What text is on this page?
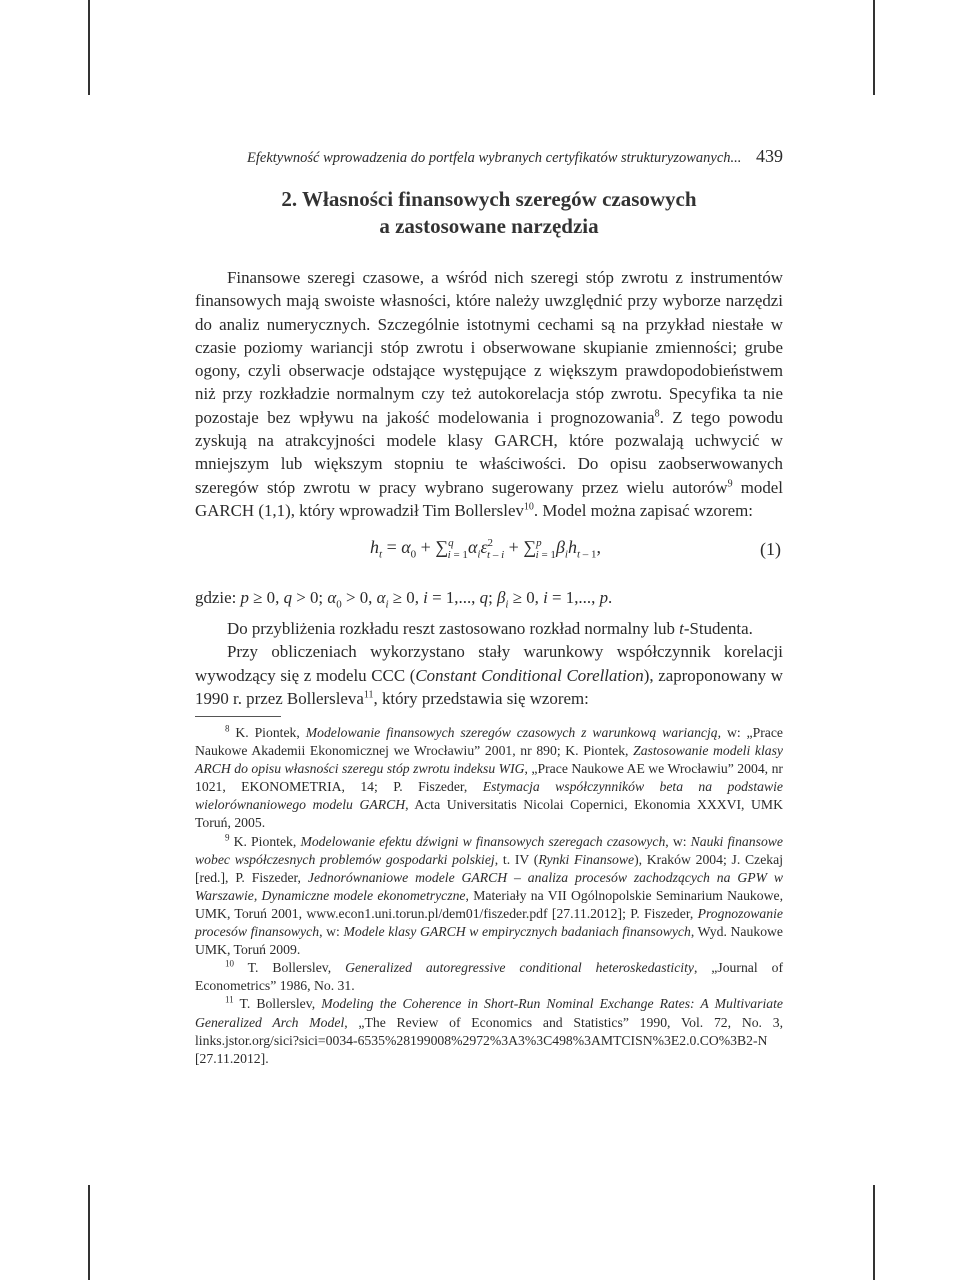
Efektywność wprowadzenia do portfela wybranych certyfikatów strukturyzowanych... 439
2. Własności finansowych szeregów czasowych
a zastosowane narzędzia

Finansowe szeregi czasowe, a wśród nich szeregi stóp zwrotu z instrumentów finansowych mają swoiste własności, które należy uwzględnić przy wyborze narzędzi do analiz numerycznych. Szczególnie istotnymi cechami są na przykład niestałe w czasie poziomy wariancji stóp zwrotu i obserwowane skupianie zmienności; grube ogony, czyli obserwacje odstające występujące z większym prawdopodobieństwem niż przy rozkładzie normalnym czy też autokorelacja stóp zwrotu. Specyfika ta nie pozostaje bez wpływu na jakość modelowania i prognozowania$^8$. Z tego powodu zyskują na atrakcyjności modele klasy GARCH, które pozwalają uchwycić w mniejszym lub większym stopniu te właściwości. Do opisu zaobserwowanych szeregów stóp zwrotu w pracy wybrano sugerowany przez wielu autorów$^9$ model GARCH (1,1), który wprowadził Tim Bollerslev$^{10}$. Model można zapisać wzorem:

$h_t = \alpha_0 + \sum^q_{i = 1}\alpha_i\varepsilon^2_{t - i} + \sum^p_{i = 1}\beta_ih_{t - 1}$,	(1)

gdzie: p ≥ 0, q > 0; $\alpha_0 > 0$, $\alpha_i \ge 0$, i = 1,..., q; $\beta_i \ge 0$, i = 1,..., p.

Do przybliżenia rozkładu reszt zastosowano rozkład normalny lub t-Studenta.

Przy obliczeniach wykorzystano stały warunkowy współczynnik korelacji wywodzący się z modelu CCC (Constant Conditional Corellation), zaproponowany w 1990 r. przez Bollersleva$^{11}$, który przedstawia się wzorem:

$^8$ K. Piontek, Modelowanie finansowych szeregów czasowych z warunkową wariancją, w: „Prace Naukowe Akademii Ekonomicznej we Wrocławiu” 2001, nr 890; K. Piontek, Zastosowanie modeli klasy ARCH do opisu własności szeregu stóp zwrotu indeksu WIG, „Prace Naukowe AE we Wrocławiu” 2004, nr 1021, EKONOMETRIA, 14; P. Fiszeder, Estymacja współczynników beta na podstawie wielorównaniowego modelu GARCH, Acta Universitatis Nicolai Copernici, Ekonomia XXXVI, UMK Toruń, 2005.

$^9$ K. Piontek, Modelowanie efektu dźwigni w finansowych szeregach czasowych, w: Nauki finansowe wobec współczesnych problemów gospodarki polskiej, t. IV (Rynki Finansowe), Kraków 2004; J. Czekaj [red.], P. Fiszeder, Jednorównaniowe modele GARCH – analiza procesów zachodzących na GPW w Warszawie, Dynamiczne modele ekonometryczne, Materiały na VII Ogólnopolskie Seminarium Naukowe, UMK, Toruń 2001, www.econ1.uni.torun.pl/dem01/fiszeder.pdf [27.11.2012]; P. Fiszeder, Prognozowanie procesów finansowych, w: Modele klasy GARCH w empirycznych badaniach finansowych, Wyd. Naukowe UMK, Toruń 2009.

$^{10}$ T. Bollerslev, Generalized autoregressive conditional heteroskedasticity, „Journal of Econometrics” 1986, No. 31.

$^{11}$ T. Bollerslev, Modeling the Coherence in Short-Run Nominal Exchange Rates: A Multivariate Generalized Arch Model, „The Review of Economics and Statistics” 1990, Vol. 72, No. 3, links.jstor.org/sici?sici=0034-6535%28199008%2972%3A3%3C498%3AMTCISN%3E2.0.CO%3B2-N [27.11.2012].
